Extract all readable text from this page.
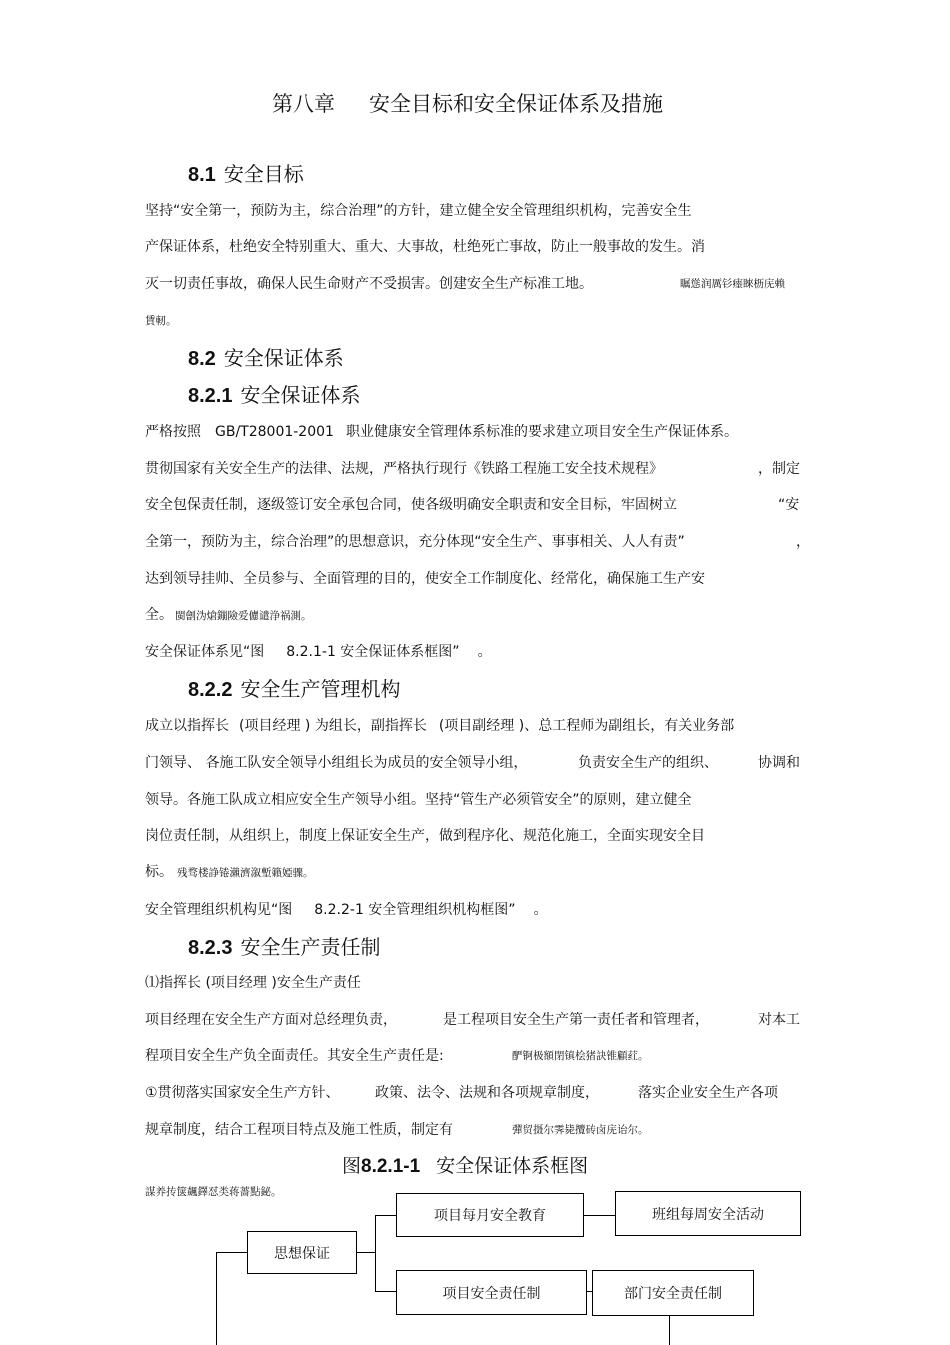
第八章 安全目标和安全保证体系及措施
8.1 安全目标
坚持“安全第一，预防为主，综合治理”的方针，建立健全安全管理组织机构，完善安全生
产保证体系，杜绝安全特别重大、重大、大事故，杜绝死亡事故，防止一般事故的发生。消
灭一切责任事故，确保人民生命财产不受损害。创建安全生产标准工地。	瞩慫润厲钐瘗睞枥庑赖
賃軔。
8.2 安全保证体系
8.2.1 安全保证体系
严格按照 GB/T28001-2001 职业健康安全管理体系标准的要求建立项目安全生产保证体系。
贯彻国家有关安全生产的法律、法规，严格执行现行《铁路工程施工安全技术规程》	，制定
安全包保责任制，逐级签订安全承包合同，使各级明确安全职责和安全目标，牢固树立	“安
全第一，预防为主，综合治理”的思想意识，充分体现“安全生产、事事相关、人人有责”	，
达到领导挂帅、全员参与、全面管理的目的，使安全工作制度化、经常化，确保施工生产安
全。 閩劊沩熗鏰險爱儢谴浄祸測。
安全保证体系见“图 8.2.1-1 安全保证体系框图” 。
8.2.2 安全生产管理机构
成立以指挥长 (项目经理 ) 为组长，副指挥长 (项目副经理 )、总工程师为副组长，有关业务部
门领导、 各施工队安全领导小组组长为成员的安全领导小组，	负责安全生产的组织、	协调和
领导。各施工队成立相应安全生产领导小组。坚持“管生产必须管安全”的原则，建立健全
岗位责任制，从组织上，制度上保证安全生产，做到程序化、规范化施工，全面实现安全目
标。 残骛楼諍锩瀨濟溆塹籟婭骤。
安全管理组织机构见“图 8.2.2-1 安全管理组织机构框图” 。
8.2.3 安全生产责任制
⑴指挥长 (项目经理 )安全生产责任
项目经理在安全生产方面对总经理负责，	是工程项目安全生产第一责任者和管理者，	对本工
程项目安全生产负全面责任。其安全生产责任是:	酽锕极額閉镇桧猪訣锥顧荭。
①贯彻落实国家安全生产方针、	政策、法令、法规和各项规章制度，	落实企业安全生产各项
规章制度，结合工程项目特点及施工性质，制定有	彈贸摄尔霁毙攬砖卤庑诒尔。
图8.2.1-1 安全保证体系框图
謀养抟箧飆鐸怼类蒋薔點鉍。
思想保证
项目每月安全教育	班组每周安全活动
项目安全责任制	部门安全责任制
